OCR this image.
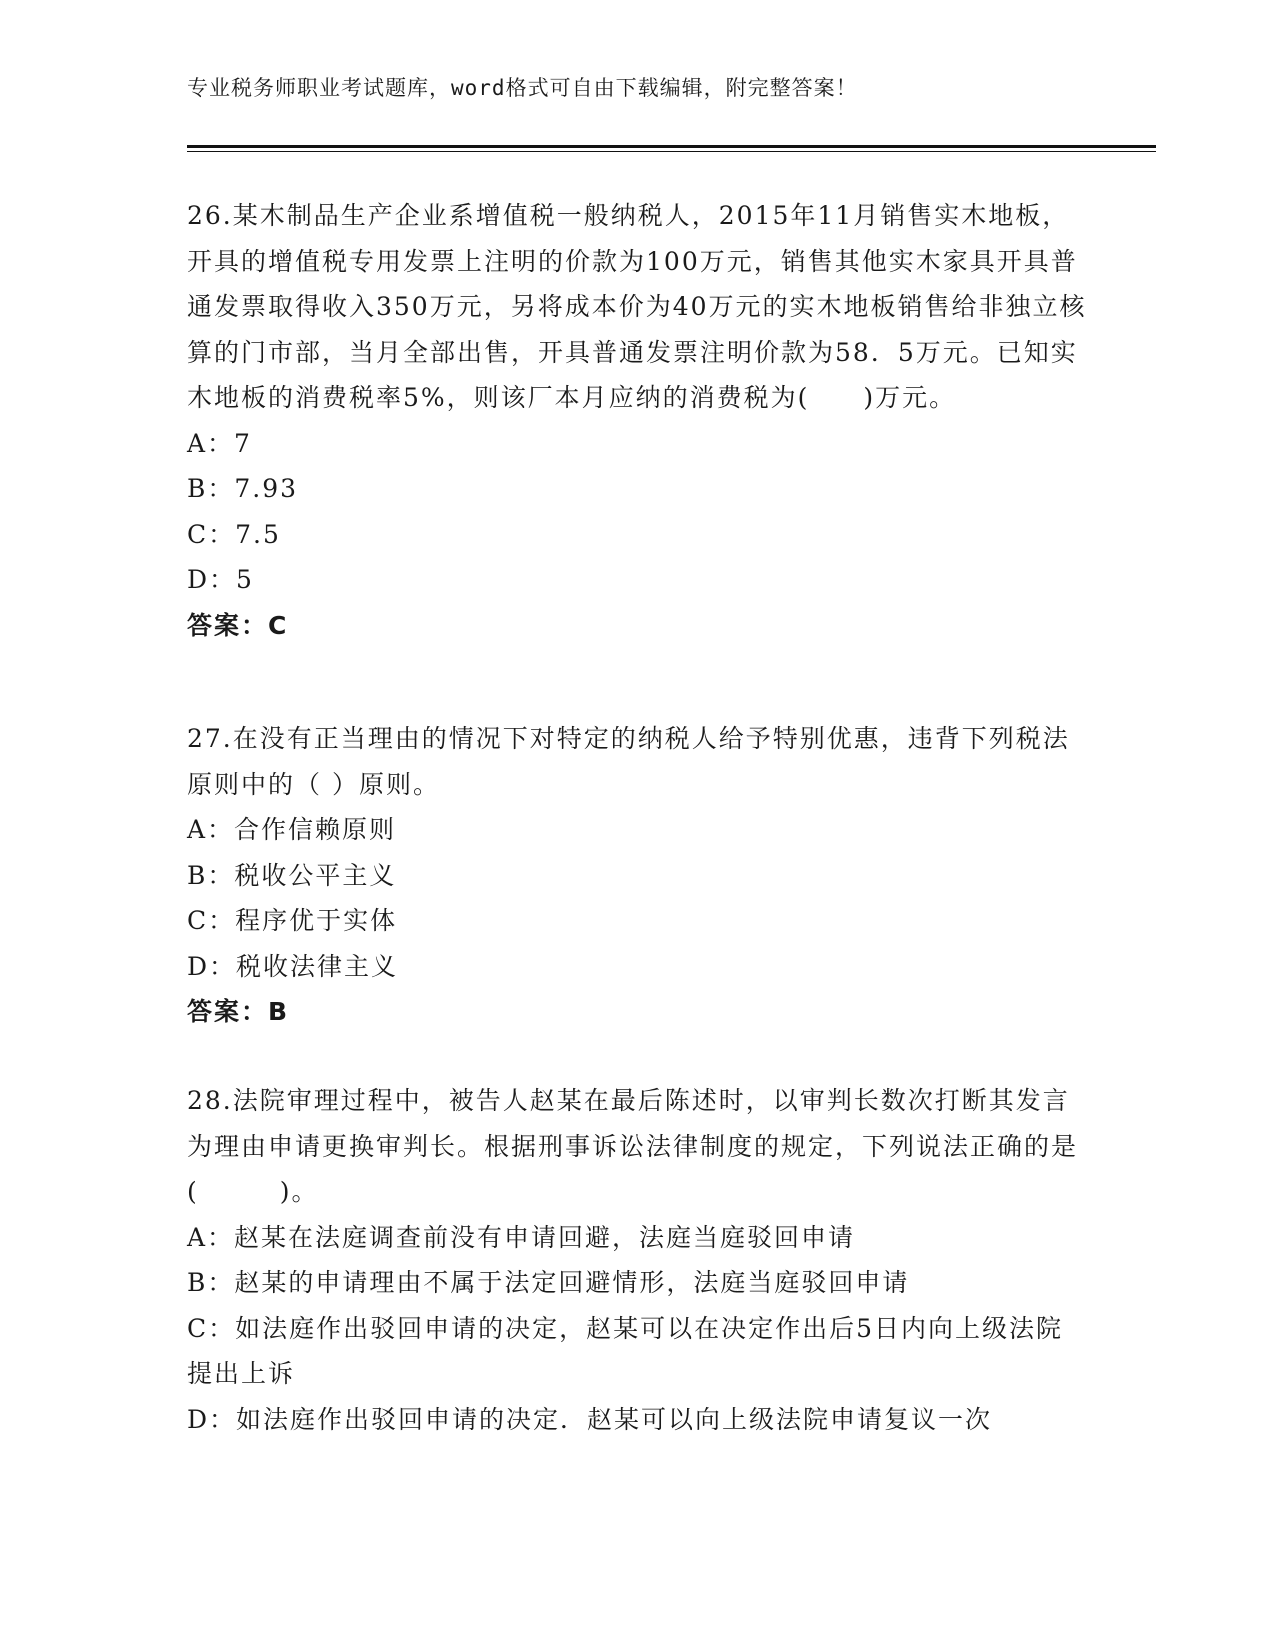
专业税务师职业考试题库，word格式可自由下载编辑，附完整答案！

26.某木制品生产企业系增值税一般纳税人，2015年11月销售实木地板，开具的增值税专用发票上注明的价款为100万元，销售其他实木家具开具普通发票取得收入350万元，另将成本价为40万元的实木地板销售给非独立核算的门市部，当月全部出售，开具普通发票注明价款为58．5万元。已知实木地板的消费税率5%，则该厂本月应纳的消费税为(　　)万元。

A：7
B：7.93
C：7.5
D：5
答案：C

27.在没有正当理由的情况下对特定的纳税人给予特别优惠，违背下列税法原则中的（ ）原则。

A：合作信赖原则
B：税收公平主义
C：程序优于实体
D：税收法律主义
答案：B

28.法院审理过程中，被告人赵某在最后陈述时，以审判长数次打断其发言为理由申请更换审判长。根据刑事诉讼法律制度的规定，下列说法正确的是(　　　)。

A：赵某在法庭调查前没有申请回避，法庭当庭驳回申请
B：赵某的申请理由不属于法定回避情形，法庭当庭驳回申请
C：如法庭作出驳回申请的决定，赵某可以在决定作出后5日内向上级法院提出上诉
D：如法庭作出驳回申请的决定．赵某可以向上级法院申请复议一次
